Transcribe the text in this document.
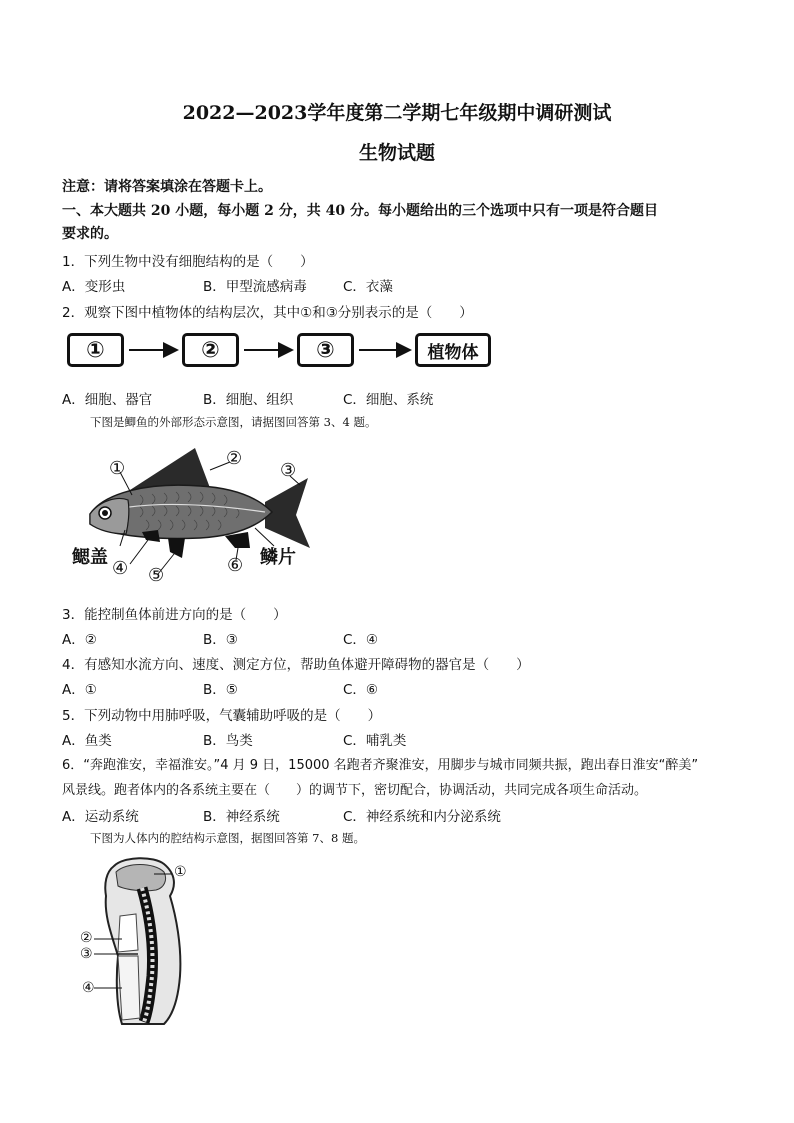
2022—2023学年度第二学期七年级期中调研测试
生物试题
注意：请将答案填涂在答题卡上。
一、本大题共 20 小题，每小题 2 分，共 40 分。每小题给出的三个选项中只有一项是符合题目
要求的。
1．下列生物中没有细胞结构的是（　　）
A．变形虫	B．甲型流感病毒	C．衣藻
2．观察下图中植物体的结构层次，其中①和③分别表示的是（　　）
①	②	③	植物体
A．细胞、器官	B．细胞、组织	C．细胞、系统
下图是鲫鱼的外部形态示意图，请据图回答第 3、4 题。
①	②
③
鳃盖
④ ⑤	⑥ 鳞片
3．能控制鱼体前进方向的是（　　）
A．②	B．③	C．④
4．有感知水流方向、速度、测定方位，帮助鱼体避开障碍物的器官是（　　）
A．①	B．⑤	C．⑥
5．下列动物中用肺呼吸，气囊辅助呼吸的是（　　）
A．鱼类	B．鸟类	C．哺乳类
6．“奔跑淮安，幸福淮安。”4 月 9 日，15000 名跑者齐聚淮安，用脚步与城市同频共振，跑出春日淮安“醉美”
风景线。跑者体内的各系统主要在（　　）的调节下，密切配合，协调活动，共同完成各项生命活动。
A．运动系统	B．神经系统	C．神经系统和内分泌系统
下图为人体内的腔结构示意图，据图回答第 7、8 题。
①
②
③
④
